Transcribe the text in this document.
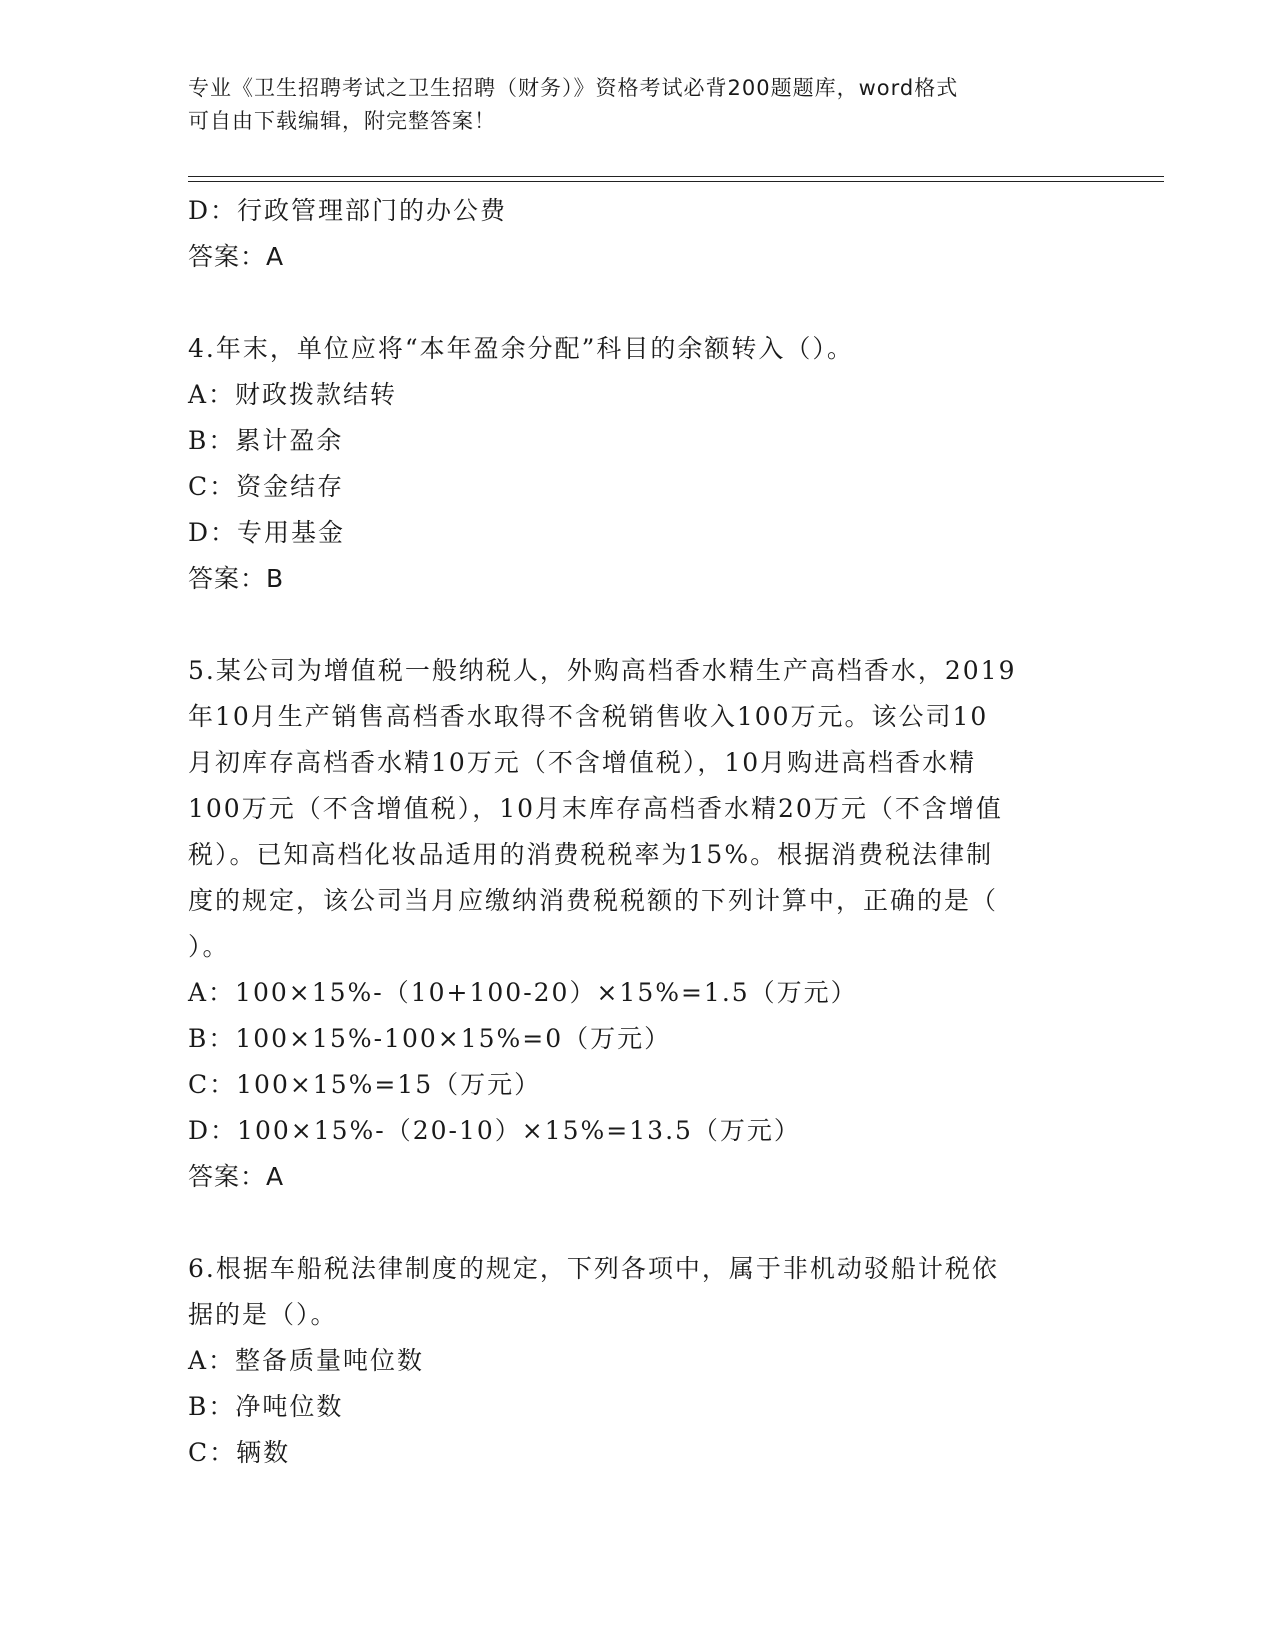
专业《卫生招聘考试之卫生招聘（财务）》资格考试必背200题题库，word格式
可自由下载编辑，附完整答案！
D：行政管理部门的办公费
答案：A
4.年末，单位应将“本年盈余分配”科目的余额转入（）。
A：财政拨款结转
B：累计盈余
C：资金结存
D：专用基金
答案：B
5.某公司为增值税一般纳税人，外购高档香水精生产高档香水，2019
年10月生产销售高档香水取得不含税销售收入100万元。该公司10
月初库存高档香水精10万元（不含增值税），10月购进高档香水精
100万元（不含增值税），10月末库存高档香水精20万元（不含增值
税）。已知高档化妆品适用的消费税税率为15%。根据消费税法律制
度的规定，该公司当月应缴纳消费税税额的下列计算中，正确的是（
）。
A：100×15%-（10+100-20）×15%=1.5（万元）
B：100×15%-100×15%=0（万元）
C：100×15%=15（万元）
D：100×15%-（20-10）×15%=13.5（万元）
答案：A
6.根据车船税法律制度的规定，下列各项中，属于非机动驳船计税依
据的是（）。
A：整备质量吨位数
B：净吨位数
C：辆数
